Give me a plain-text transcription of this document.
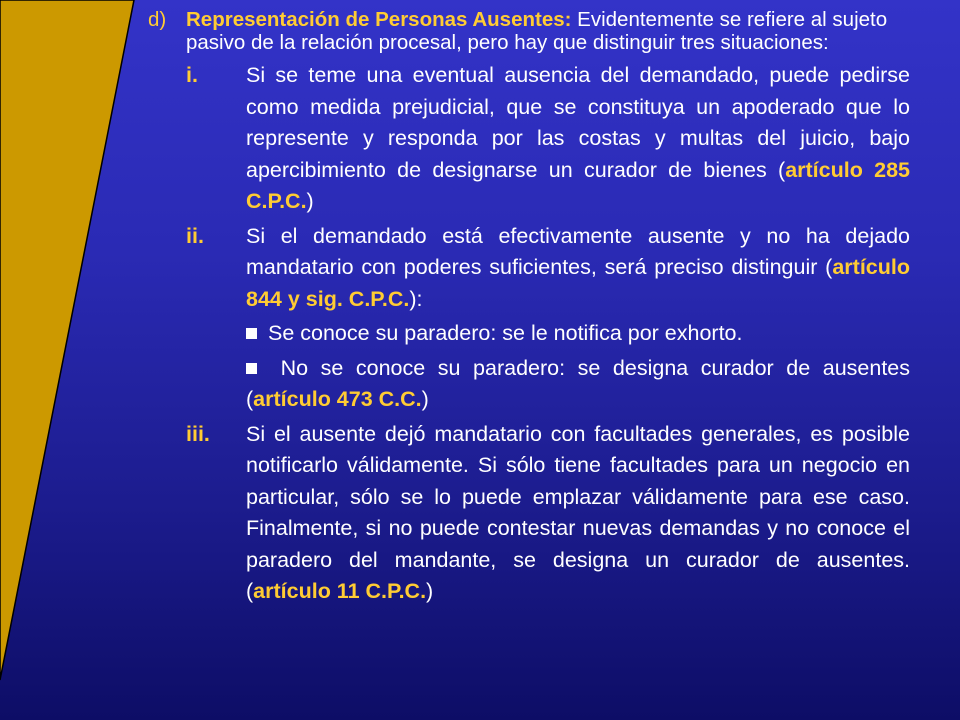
d) Representación de Personas Ausentes: Evidentemente se refiere al sujeto pasivo de la relación procesal, pero hay que distinguir tres situaciones:
i. Si se teme una eventual ausencia del demandado, puede pedirse como medida prejudicial, que se constituya un apoderado que lo represente y responda por las costas y multas del juicio, bajo apercibimiento de designarse un curador de bienes (artículo 285 C.P.C.)
ii. Si el demandado está efectivamente ausente y no ha dejado mandatario con poderes suficientes, será preciso distinguir (artículo 844 y sig. C.P.C.):
Se conoce su paradero: se le notifica por exhorto.
No se conoce su paradero: se designa curador de ausentes (artículo 473 C.C.)
iii. Si el ausente dejó mandatario con facultades generales, es posible notificarlo válidamente. Si sólo tiene facultades para un negocio en particular, sólo se lo puede emplazar válidamente para ese caso. Finalmente, si no puede contestar nuevas demandas y no conoce el paradero del mandante, se designa un curador de ausentes. (artículo 11 C.P.C.)
